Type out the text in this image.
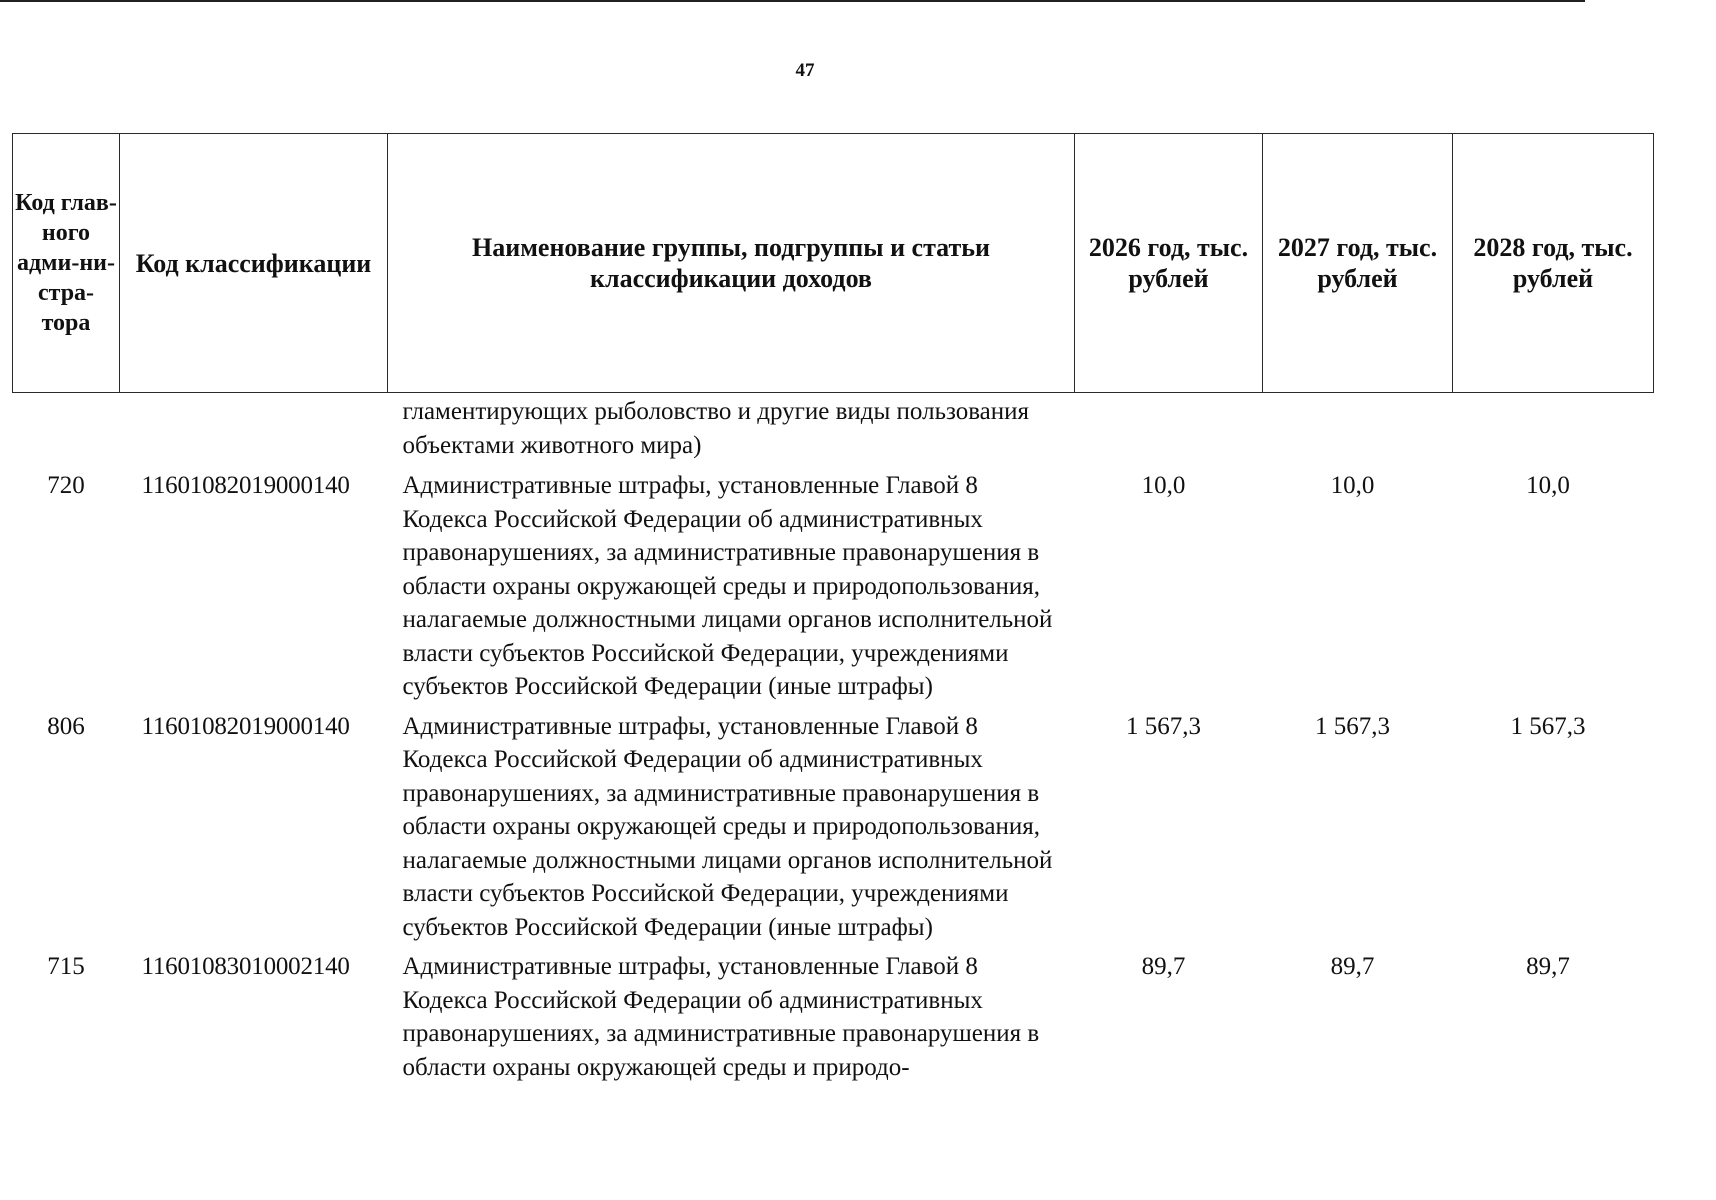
47
Код глав-ного адми-ни-стра-тора	Код классификации	Наименование группы, подгруппы и статьи классификации доходов	2026 год, тыс. рублей	2027 год, тыс. рублей	2028 год, тыс. рублей
		гламентирующих рыболовство и другие виды пользования объектами животного мира)			
720	11601082019000140	Административные штрафы, установленные Главой 8 Кодекса Российской Федерации об административных правонарушениях, за административные правонарушения в области охраны окружающей среды и природопользования, налагаемые должностными лицами органов исполнительной власти субъектов Российской Федерации, учреждениями субъектов Российской Федерации (иные штрафы)	10,0	10,0	10,0
806	11601082019000140	Административные штрафы, установленные Главой 8 Кодекса Российской Федерации об административных правонарушениях, за административные правонарушения в области охраны окружающей среды и природопользования, налагаемые должностными лицами органов исполнительной власти субъектов Российской Федерации, учреждениями субъектов Российской Федерации (иные штрафы)	1 567,3	1 567,3	1 567,3
715	11601083010002140	Административные штрафы, установленные Главой 8 Кодекса Российской Федерации об административных правонарушениях, за административные правонарушения в области охраны окружающей среды и природо-	89,7	89,7	89,7
